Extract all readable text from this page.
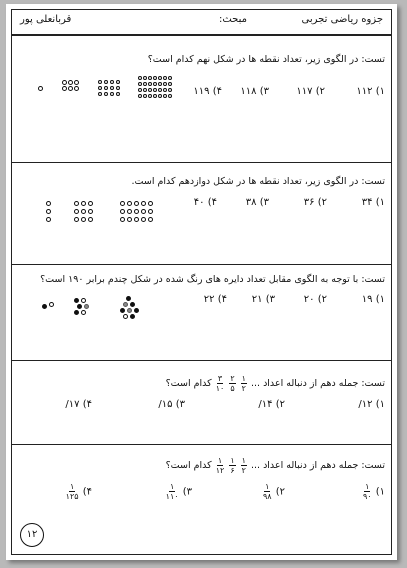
جزوه ریاضی تجربی
مبحث:
قربانعلی پور
تست: در الگوی زیر، تعداد نقطه ها در شکل نهم کدام است؟
۱) ۱۱۲
۲) ۱۱۷
۳) ۱۱۸
۴) ۱۱۹
تست: در الگوی زیر، تعداد نقطه ها در شکل دوازدهم کدام است.
۱) ۳۴
۲) ۳۶
۳) ۳۸
۴) ۴۰
تست: با توجه به الگوی مقابل تعداد دایره های رنگ شده در شکل چندم برابر ۱۹۰ است؟
۱) ۱۹
۲) ۲۰
۳) ۲۱
۴) ۲۲
تست: جمله دهم از دنباله اعداد ...
۱
۲

۲
۵

۳
۱۰
کدام است؟
۱) ۱۲/
۲) ۱۴/
۳) ۱۵/
۴) ۱۷/
تست: جمله دهم از دنباله اعداد ...
۱
۲

۱
۶

۱
۱۲
کدام است؟
۱)
۱
۹۰
۲)
۱
۹۸
۳)
۱
۱۱۰
۴)
۱
۱۲۵
۱۲
